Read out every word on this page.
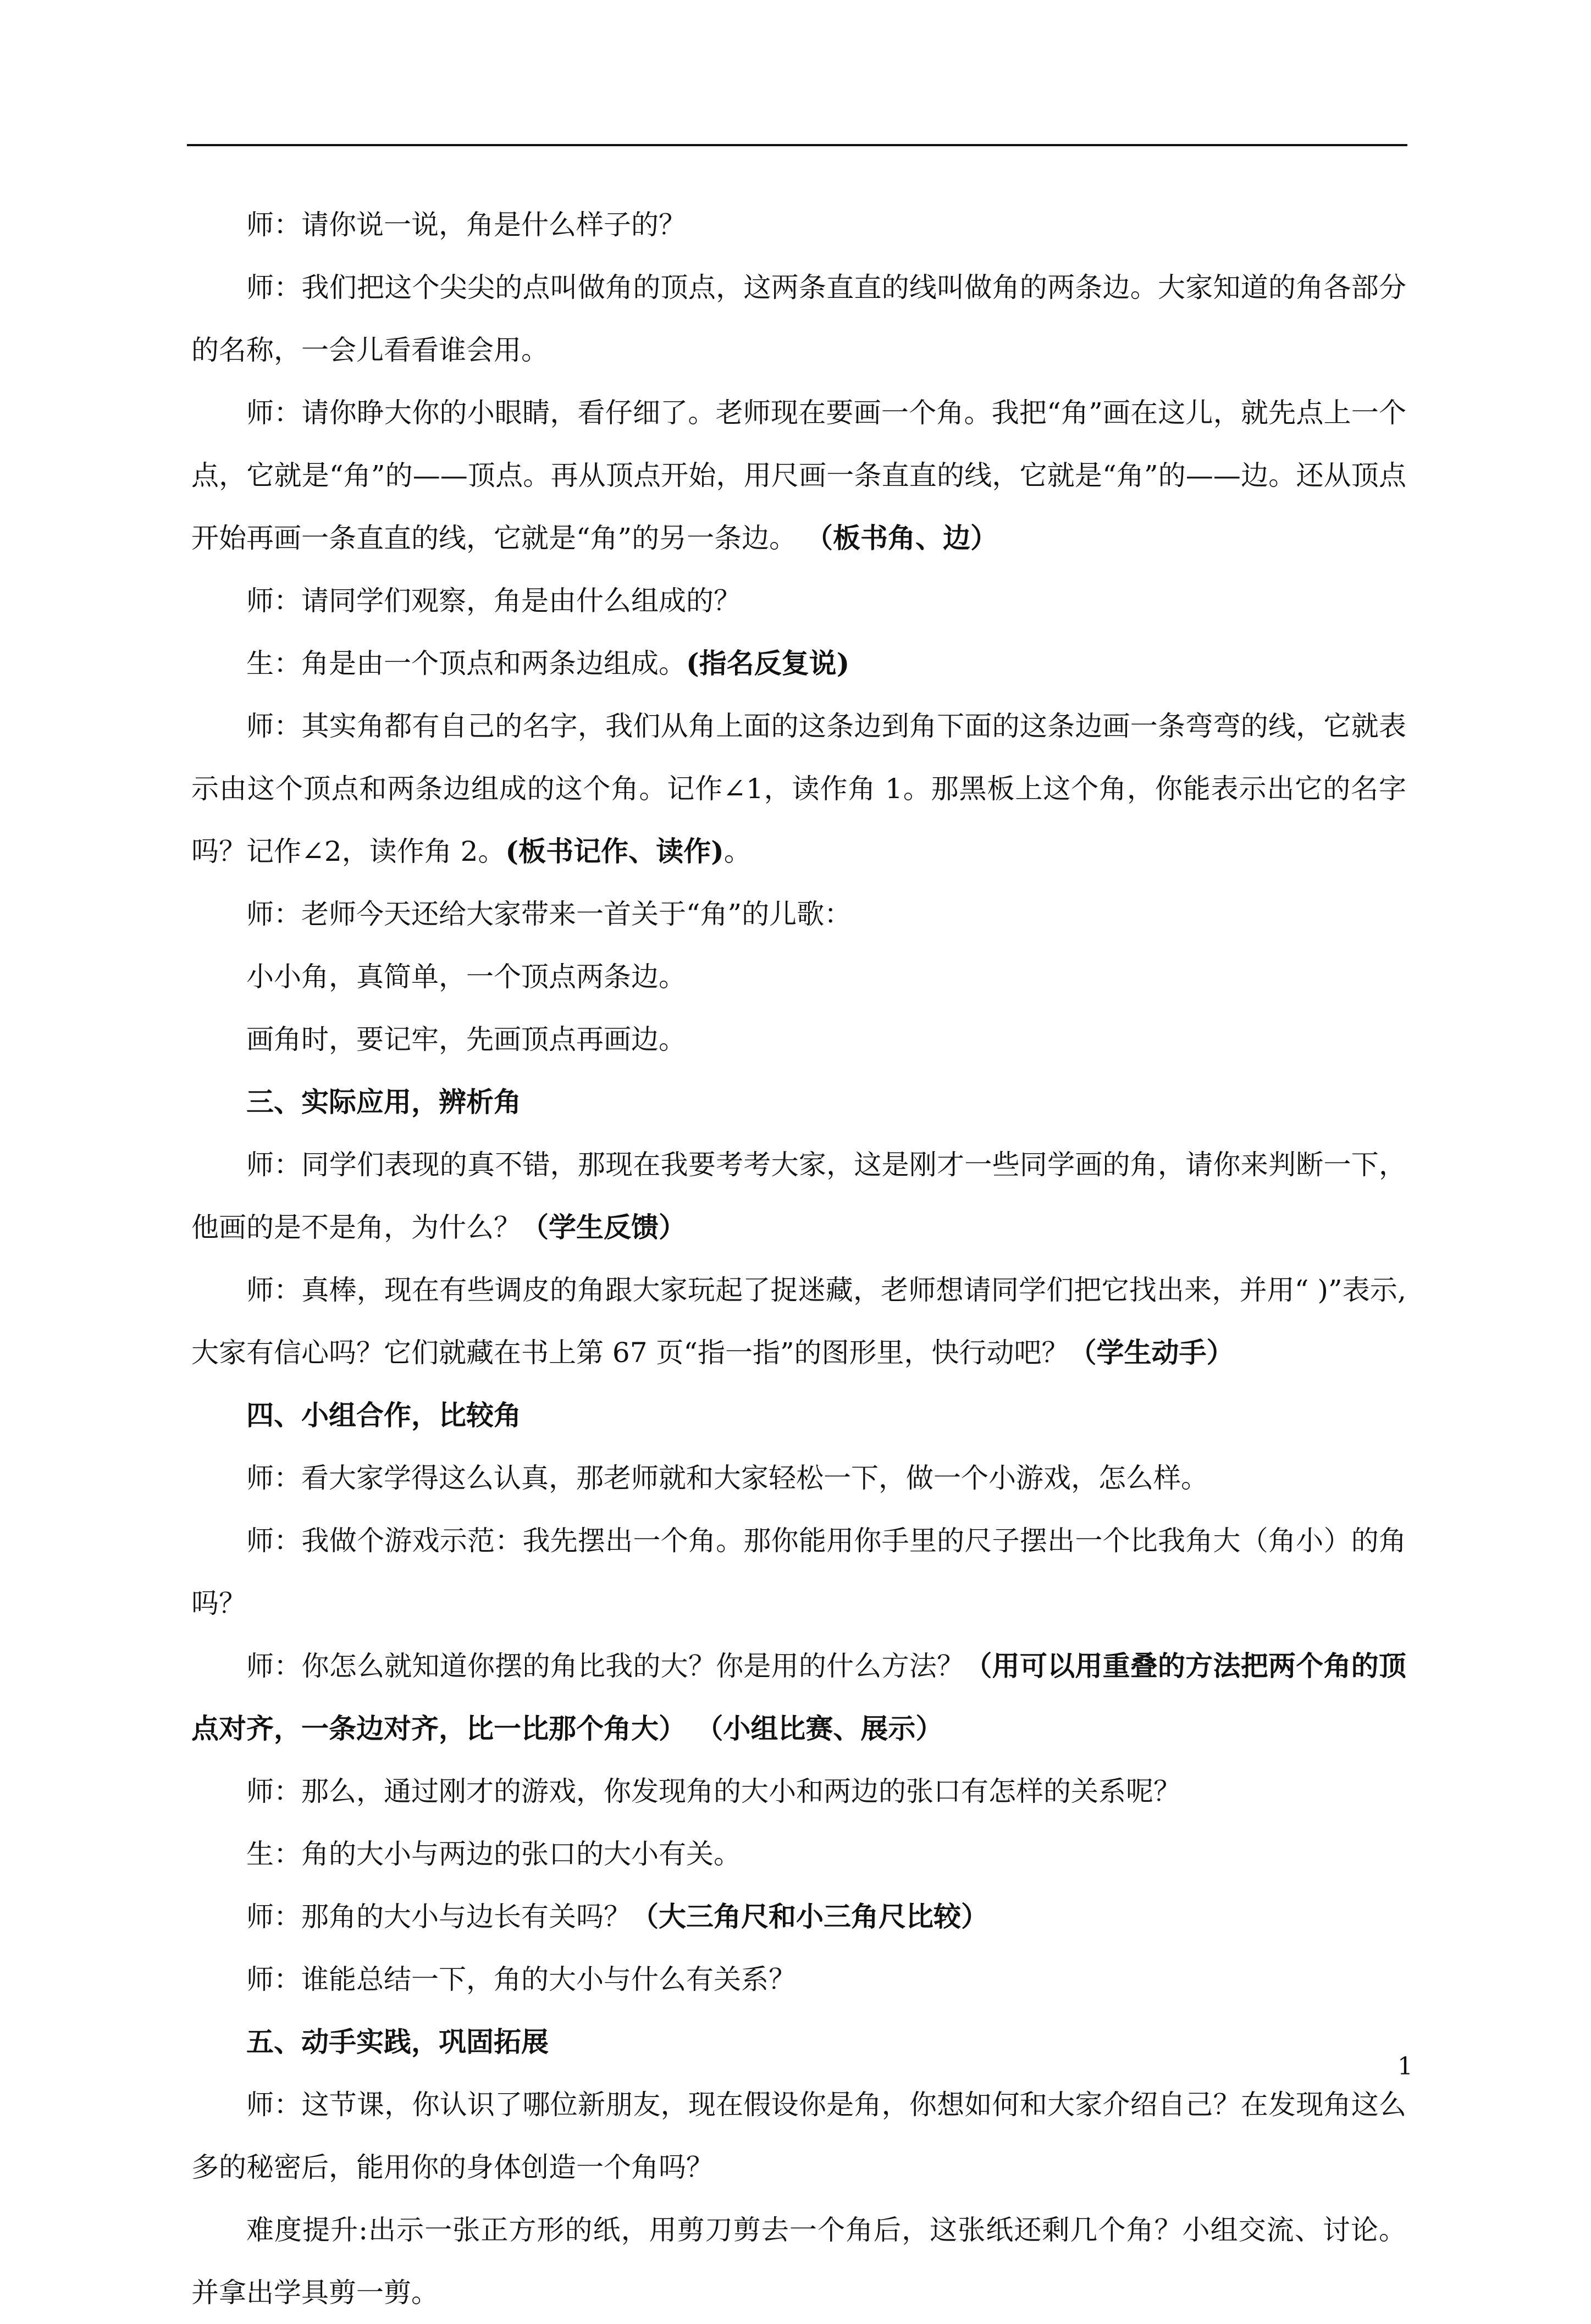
师：请你说一说，角是什么样子的？

师：我们把这个尖尖的点叫做角的顶点，这两条直直的线叫做角的两条边。大家知道的角各部分的名称，一会儿看看谁会用。

师：请你睁大你的小眼睛，看仔细了。老师现在要画一个角。我把“角”画在这儿，就先点上一个点，它就是“角”的——顶点。再从顶点开始，用尺画一条直直的线，它就是“角”的——边。还从顶点开始再画一条直直的线，它就是“角”的另一条边。 （板书角、边）

师：请同学们观察，角是由什么组成的？

生：角是由一个顶点和两条边组成。(指名反复说)

师：其实角都有自己的名字，我们从角上面的这条边到角下面的这条边画一条弯弯的线，它就表示由这个顶点和两条边组成的这个角。记作∠1，读作角 1。那黑板上这个角，你能表示出它的名字吗？记作∠2，读作角 2。(板书记作、读作)。

师：老师今天还给大家带来一首关于“角”的儿歌：

小小角，真简单，一个顶点两条边。

画角时，要记牢，先画顶点再画边。

三、实际应用，辨析角

师：同学们表现的真不错，那现在我要考考大家，这是刚才一些同学画的角，请你来判断一下，他画的是不是角，为什么？（学生反馈）

师：真棒，现在有些调皮的角跟大家玩起了捉迷藏，老师想请同学们把它找出来，并用“ )”表示,大家有信心吗？它们就藏在书上第 67 页“指一指”的图形里，快行动吧？（学生动手）

四、小组合作，比较角

师：看大家学得这么认真，那老师就和大家轻松一下，做一个小游戏，怎么样。

师：我做个游戏示范：我先摆出一个角。那你能用你手里的尺子摆出一个比我角大（角小）的角吗？

师：你怎么就知道你摆的角比我的大？你是用的什么方法？（用可以用重叠的方法把两个角的顶点对齐，一条边对齐，比一比那个角大） （小组比赛、展示）

师：那么，通过刚才的游戏，你发现角的大小和两边的张口有怎样的关系呢？

生：角的大小与两边的张口的大小有关。

师：那角的大小与边长有关吗？（大三角尺和小三角尺比较）

师：谁能总结一下，角的大小与什么有关系？

五、动手实践，巩固拓展

师：这节课，你认识了哪位新朋友，现在假设你是角，你想如何和大家介绍自己？在发现角这么多的秘密后，能用你的身体创造一个角吗？

难度提升:出示一张正方形的纸，用剪刀剪去一个角后，这张纸还剩几个角？小组交流、讨论。并拿出学具剪一剪。

1
